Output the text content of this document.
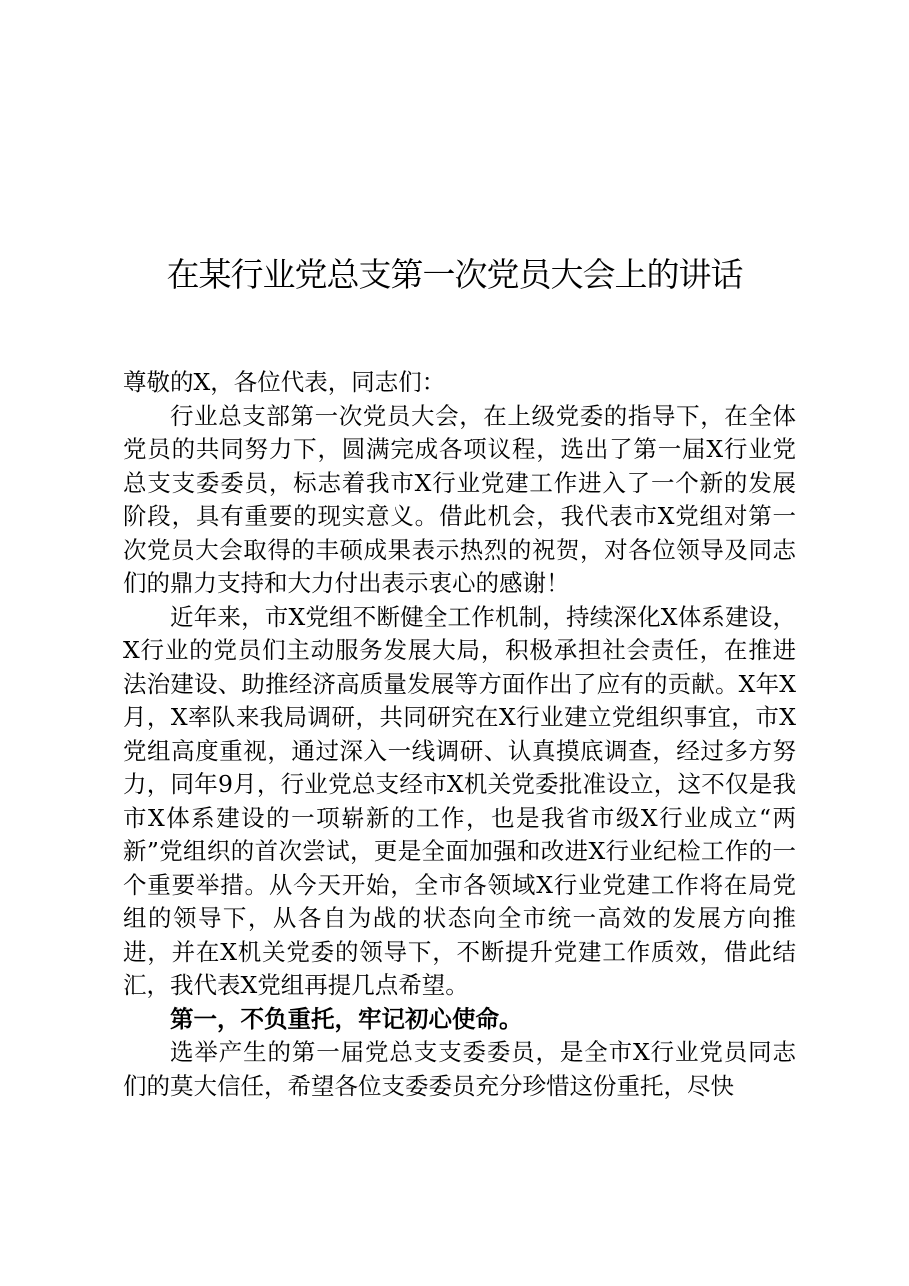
在某行业党总支第一次党员大会上的讲话

尊敬的X，各位代表，同志们：

行业总支部第一次党员大会，在上级党委的指导下，在全体党员的共同努力下，圆满完成各项议程，选出了第一届X行业党总支支委委员，标志着我市X行业党建工作进入了一个新的发展阶段，具有重要的现实意义。借此机会，我代表市X党组对第一次党员大会取得的丰硕成果表示热烈的祝贺，对各位领导及同志们的鼎力支持和大力付出表示衷心的感谢！

近年来，市X党组不断健全工作机制，持续深化X体系建设，X行业的党员们主动服务发展大局，积极承担社会责任，在推进法治建设、助推经济高质量发展等方面作出了应有的贡献。X年X月，X率队来我局调研，共同研究在X行业建立党组织事宜，市X党组高度重视，通过深入一线调研、认真摸底调查，经过多方努力，同年9月，行业党总支经市X机关党委批准设立，这不仅是我市X体系建设的一项崭新的工作，也是我省市级X行业成立“两新”党组织的首次尝试，更是全面加强和改进X行业纪检工作的一个重要举措。从今天开始，全市各领域X行业党建工作将在局党组的领导下，从各自为战的状态向全市统一高效的发展方向推进，并在X机关党委的领导下，不断提升党建工作质效，借此结汇，我代表X党组再提几点希望。

第一，不负重托，牢记初心使命。

选举产生的第一届党总支支委委员，是全市X行业党员同志们的莫大信任，希望各位支委委员充分珍惜这份重托，尽快
